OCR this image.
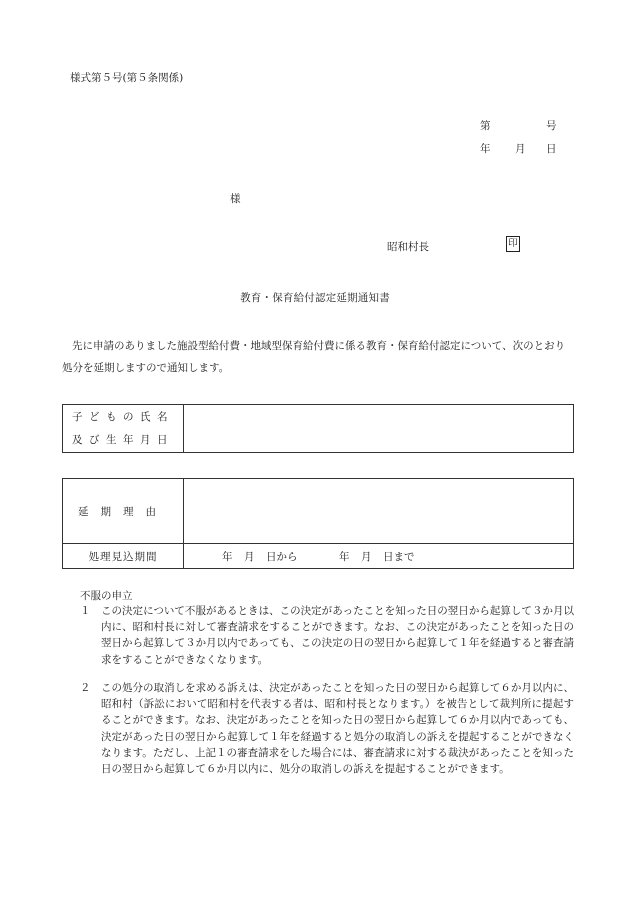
様式第５号(第５条関係)
第	号
年 月 日
様
昭和村長	印
教育・保育給付認定延期通知書
先に申請のありました施設型給付費・地域型保育給付費に係る教育・保育給付認定について、次のとおり処分を延期しますので通知します。
子どもの氏名
及び生年月日

延期理由	
処理見込期間	年 月 日から 年 月 日まで
不服の申立
１ この決定について不服があるときは、この決定があったことを知った日の翌日から起算して３か月以内に、昭和村長に対して審査請求をすることができます。なお、この決定があったことを知った日の翌日から起算して３か月以内であっても、この決定の日の翌日から起算して１年を経過すると審査請求をすることができなくなります。
２ この処分の取消しを求める訴えは、決定があったことを知った日の翌日から起算して６か月以内に、昭和村（訴訟において昭和村を代表する者は、昭和村長となります。）を被告として裁判所に提起することができます。なお、決定があったことを知った日の翌日から起算して６か月以内であっても、決定があった日の翌日から起算して１年を経過すると処分の取消しの訴えを提起することができなくなります。ただし、上記１の審査請求をした場合には、審査請求に対する裁決があったことを知った日の翌日から起算して６か月以内に、処分の取消しの訴えを提起することができます。
